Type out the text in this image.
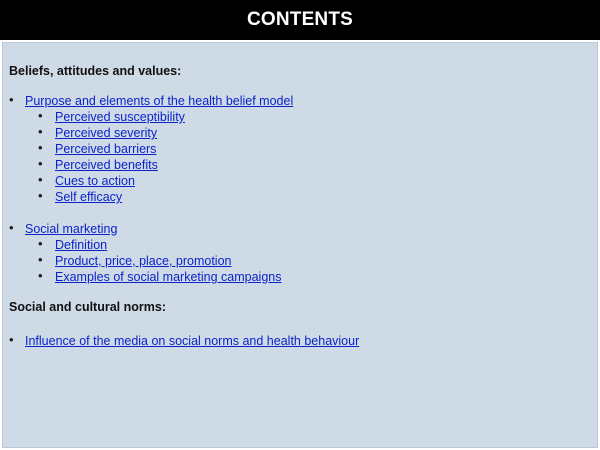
CONTENTS

Beliefs, attitudes and values:

• Purpose and elements of the health belief model
• Perceived susceptibility
• Perceived severity
• Perceived barriers
• Perceived benefits
• Cues to action
• Self efficacy
• Social marketing
• Definition
• Product, price, place, promotion
• Examples of social marketing campaigns

Social and cultural norms:

• Influence of the media on social norms and health behaviour
